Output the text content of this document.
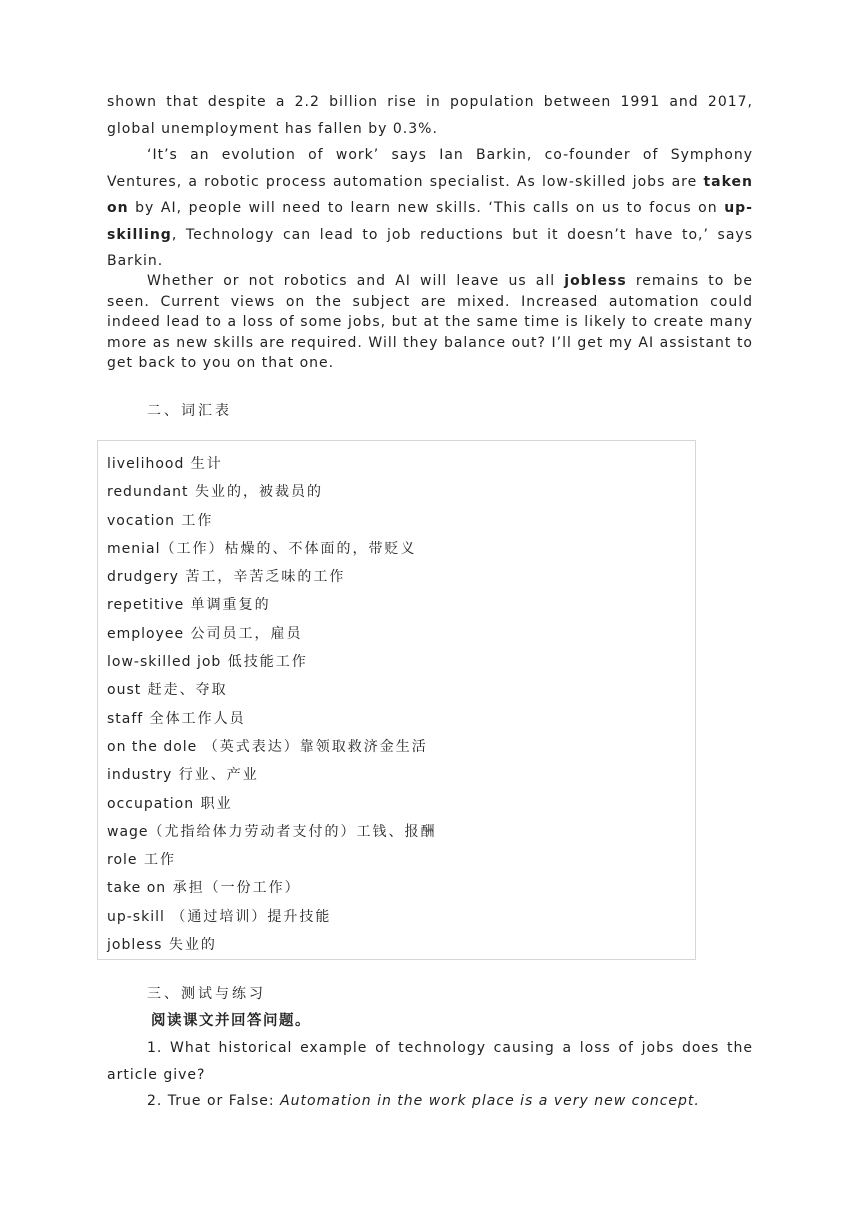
shown that despite a 2.2 billion rise in population between 1991 and 2017, global unemployment has fallen by 0.3%.

‘It’s an evolution of work’ says Ian Barkin, co-founder of Symphony Ventures, a robotic process automation specialist. As low-skilled jobs are taken on by AI, people will need to learn new skills. ‘This calls on us to focus on up-skilling, Technology can lead to job reductions but it doesn’t have to,’ says Barkin.

Whether or not robotics and AI will leave us all jobless remains to be seen. Current views on the subject are mixed. Increased automation could indeed lead to a loss of some jobs, but at the same time is likely to create many more as new skills are required. Will they balance out? I’ll get my AI assistant to get back to you on that one.

二、词汇表

livelihood 生计
redundant 失业的，被裁员的
vocation 工作
menial（工作）枯燥的、不体面的，带贬义
drudgery 苦工，辛苦乏味的工作
repetitive 单调重复的
employee 公司员工，雇员
low-skilled job 低技能工作
oust 赶走、夺取
staff 全体工作人员
on the dole （英式表达）靠领取救济金生活
industry 行业、产业
occupation 职业
wage（尤指给体力劳动者支付的）工钱、报酬
role 工作
take on 承担（一份工作）
up-skill （通过培训）提升技能
jobless 失业的

三、测试与练习

阅读课文并回答问题。

1. What historical example of technology causing a loss of jobs does the article give?

2. True or False: Automation in the work place is a very new concept.
